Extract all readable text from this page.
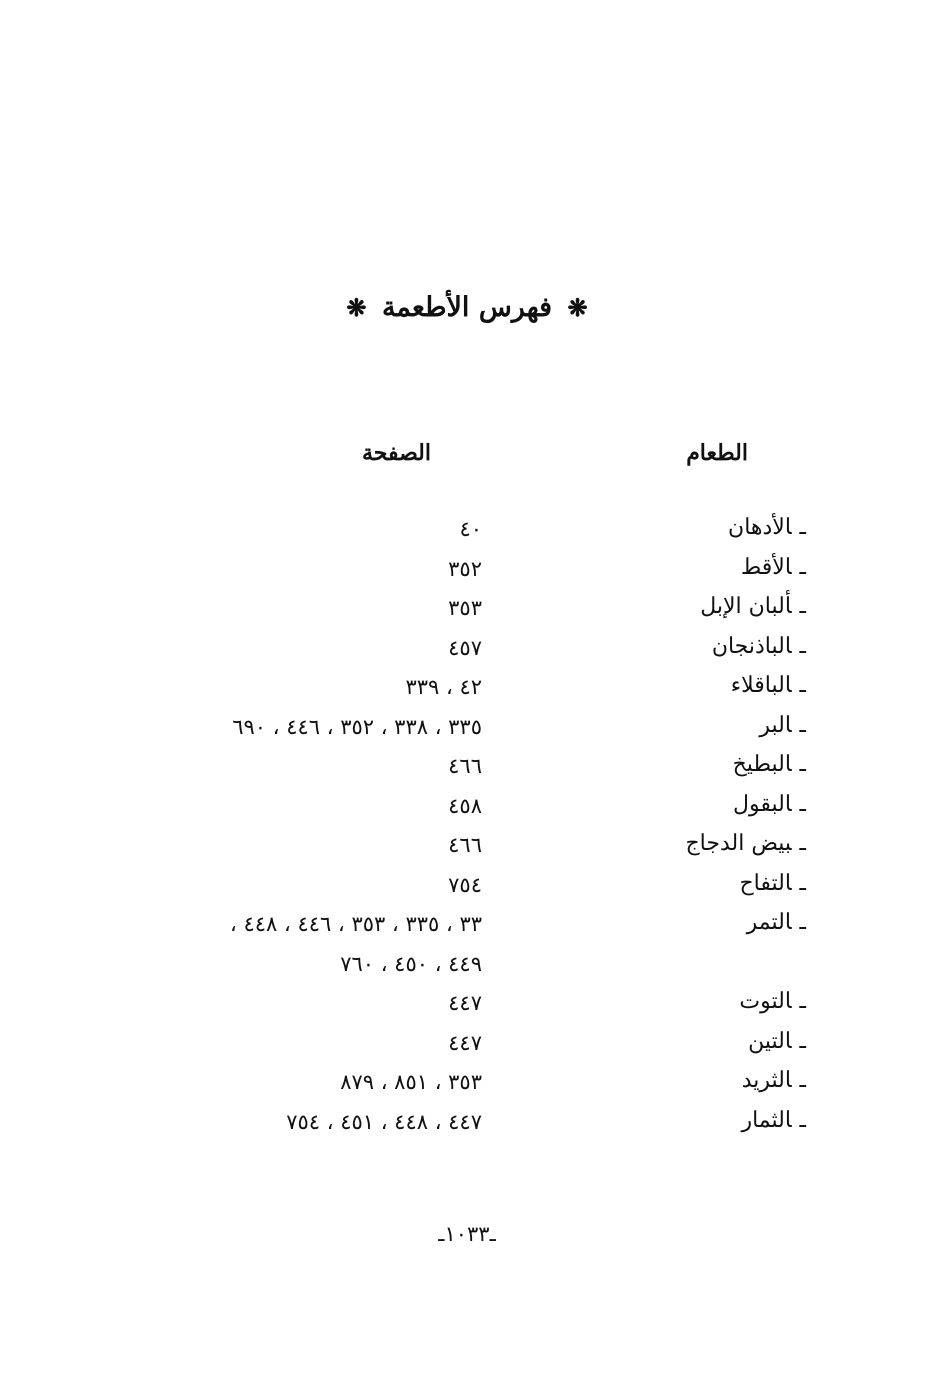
❋ فهرس الأطعمة ❋
الطعام
الصفحة
ـالأدهان
٤٠
ـالأقط
٣٥٢
ـألبان الإبل
٣٥٣
ـالباذنجان
٤٥٧
ـالباقلاء
٤٢ ، ٣٣٩
ـالبر
٣٣٥ ، ٣٣٨ ، ٣٥٢ ، ٤٤٦ ، ٦٩٠
ـالبطيخ
٤٦٦
ـالبقول
٤٥٨
ـبيض الدجاج
٤٦٦
ـالتفاح
٧٥٤
ـالتمر
٣٣ ، ٣٣٥ ، ٣٥٣ ، ٤٤٦ ، ٤٤٨ ،
٤٤٩ ، ٤٥٠ ، ٧٦٠
ـالتوت
٤٤٧
ـالتين
٤٤٧
ـالثريد
٣٥٣ ، ٨٥١ ، ٨٧٩
ـالثمار
٤٤٧ ، ٤٤٨ ، ٤٥١ ، ٧٥٤
ـ١٠٣٣ـ
